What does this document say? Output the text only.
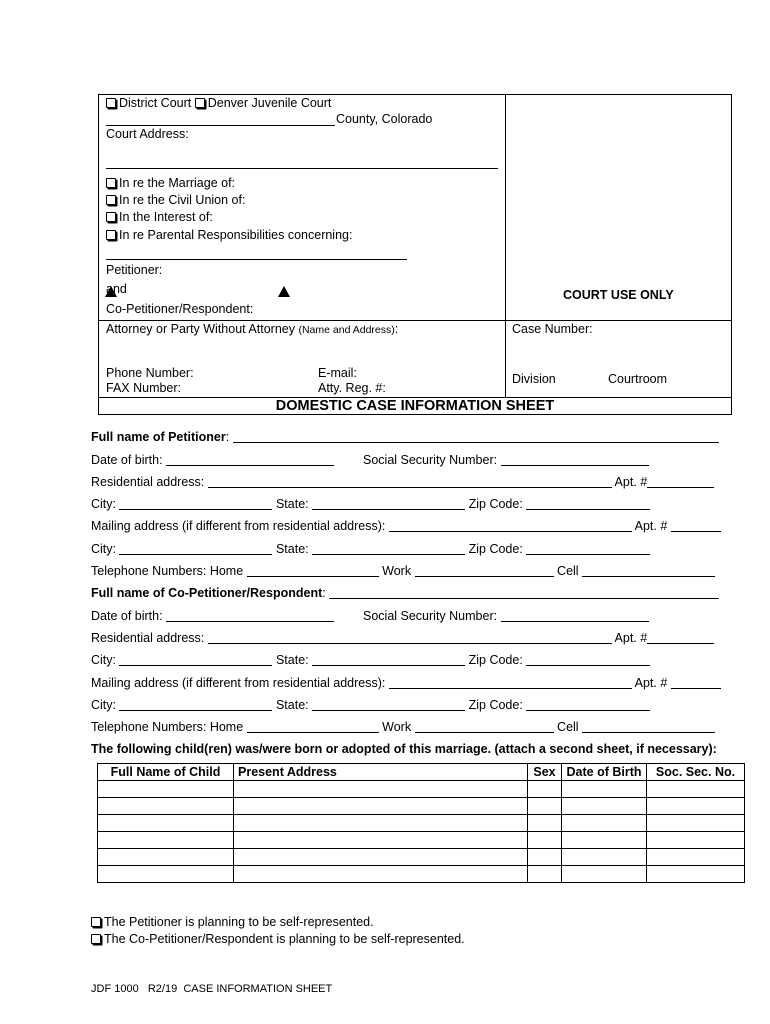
District Court Denver Juvenile Court
County, Colorado
Court Address:
In re the Marriage of:
In re the Civil Union of:
In the Interest of:
In re Parental Responsibilities concerning:
Petitioner:
and
Co-Petitioner/Respondent:
COURT USE ONLY
Attorney or Party Without Attorney (Name and Address):
Phone Number:	E-mail:
FAX Number:	Atty. Reg. #:
Case Number:
Division	Courtroom
DOMESTIC CASE INFORMATION SHEET
Full name of Petitioner:
Date of birth:	Social Security Number:
Residential address:	Apt. #
City:	State:	Zip Code:
Mailing address (if different from residential address):	Apt. #
City:	State:	Zip Code:
Telephone Numbers: Home	Work	Cell
Full name of Co-Petitioner/Respondent:
Date of birth:	Social Security Number:
Residential address:	Apt. #
City:	State:	Zip Code:
Mailing address (if different from residential address):	Apt. #
City:	State:	Zip Code:
Telephone Numbers: Home	Work	Cell
The following child(ren) was/were born or adopted of this marriage. (attach a second sheet, if necessary):
Full Name of Child	Present Address	Sex	Date of Birth	Soc. Sec. No.

The Petitioner is planning to be self-represented.
The Co-Petitioner/Respondent is planning to be self-represented.
JDF 1000   R2/19  CASE INFORMATION SHEET
